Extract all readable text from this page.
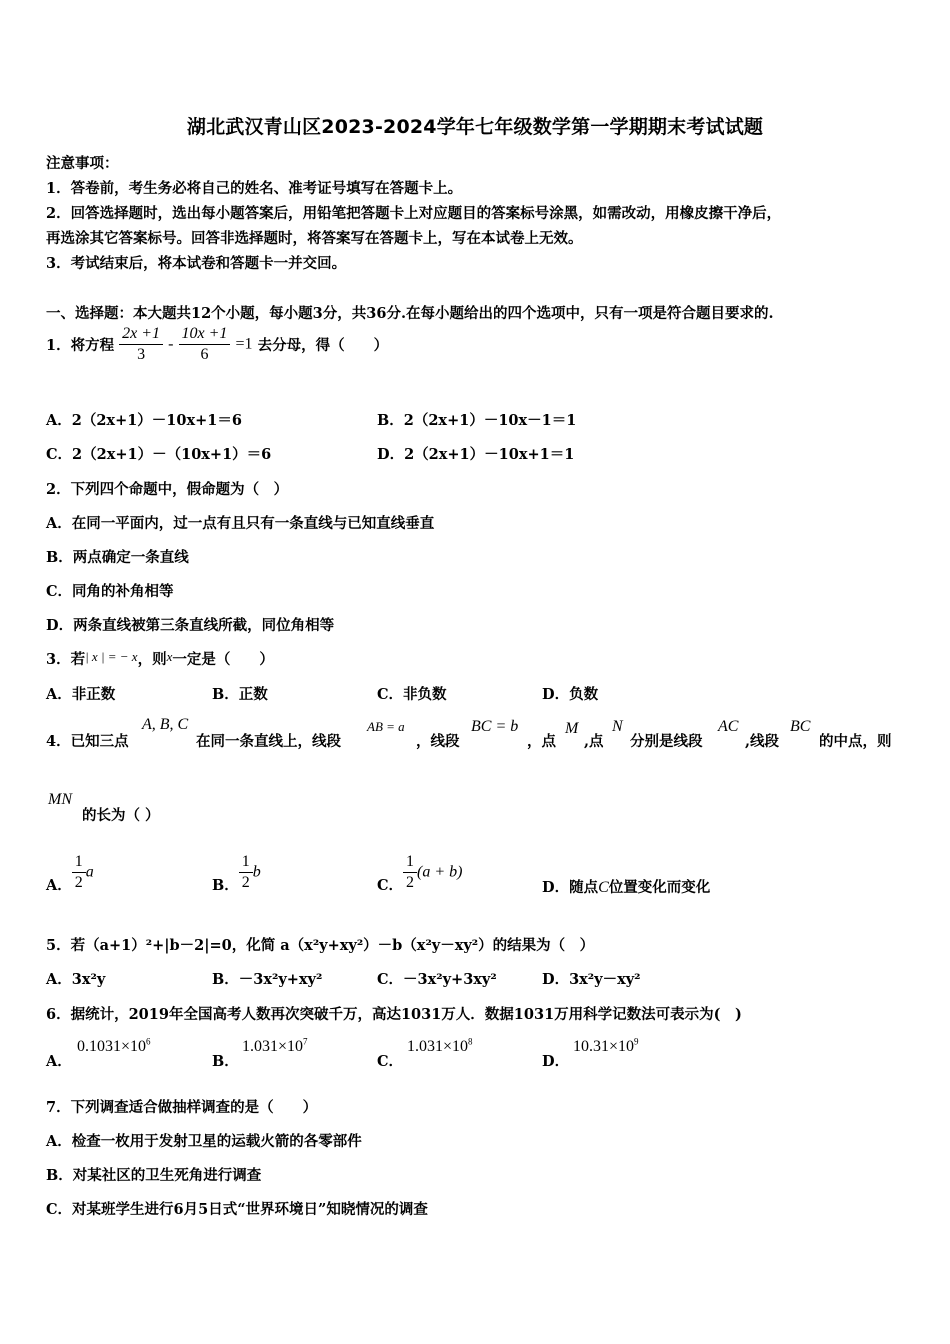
湖北武汉青山区2023-2024学年七年级数学第一学期期末考试试题
注意事项：
1．答卷前，考生务必将自己的姓名、准考证号填写在答题卡上。
2．回答选择题时，选出每小题答案后，用铅笔把答题卡上对应题目的答案标号涂黑，如需改动，用橡皮擦干净后，
再选涂其它答案标号。回答非选择题时，将答案写在答题卡上，写在本试卷上无效。
3．考试结束后，将本试卷和答题卡一并交回。
一、选择题：本大题共12个小题，每小题3分，共36分.在每小题给出的四个选项中，只有一项是符合题目要求的.
1．将方程 $\frac{2x +1}{3} - \frac{10x +1}{6} =1$ 去分母，得（　　）
A．2（2x+1）－10x+1＝6	B．2（2x+1）－10x－1＝1
C．2（2x+1）－（10x+1）＝6	D．2（2x+1）－10x+1＝1
2．下列四个命题中，假命题为（　）
A．在同一平面内，过一点有且只有一条直线与已知直线垂直
B．两点确定一条直线
C．同角的补角相等
D．两条直线被第三条直线所截，同位角相等
3．若| x | = − x，则x一定是（　　）
A．非正数	B．正数	C．非负数	D．负数
4．已知三点
A, B, C
在同一条直线上，线段
AB = a
，线段
BC = b
，点
M
,点
N
分别是线段
AC
,线段
BC
的中点，则
MN
的长为（ ）
A． $\frac{1}{2}$ a
B． $\frac{1}{2}$ b
C． $\frac{1}{2} (a + b)$
D．随点C位置变化而变化
5．若（a+1）²+|b－2|=0，化简 a（x²y+xy²）－b（x²y－xy²）的结果为（　）
A．3x²y	B．－3x²y+xy²	C．－3x²y+3xy²	D．3x²y－xy²
6．据统计，2019年全国高考人数再次突破千万，高达1031万人．数据1031万用科学记数法可表示为(　)
A．
$0.1031\times 10^6$
B．
$1.031\times 10^7$
C．
$1.031\times 10^8$
D．
$10.31\times 10^9$
7．下列调查适合做抽样调查的是（　　）
A．检查一枚用于发射卫星的运载火箭的各零部件
B．对某社区的卫生死角进行调查
C．对某班学生进行6月5日式“世界环境日”知晓情况的调查
